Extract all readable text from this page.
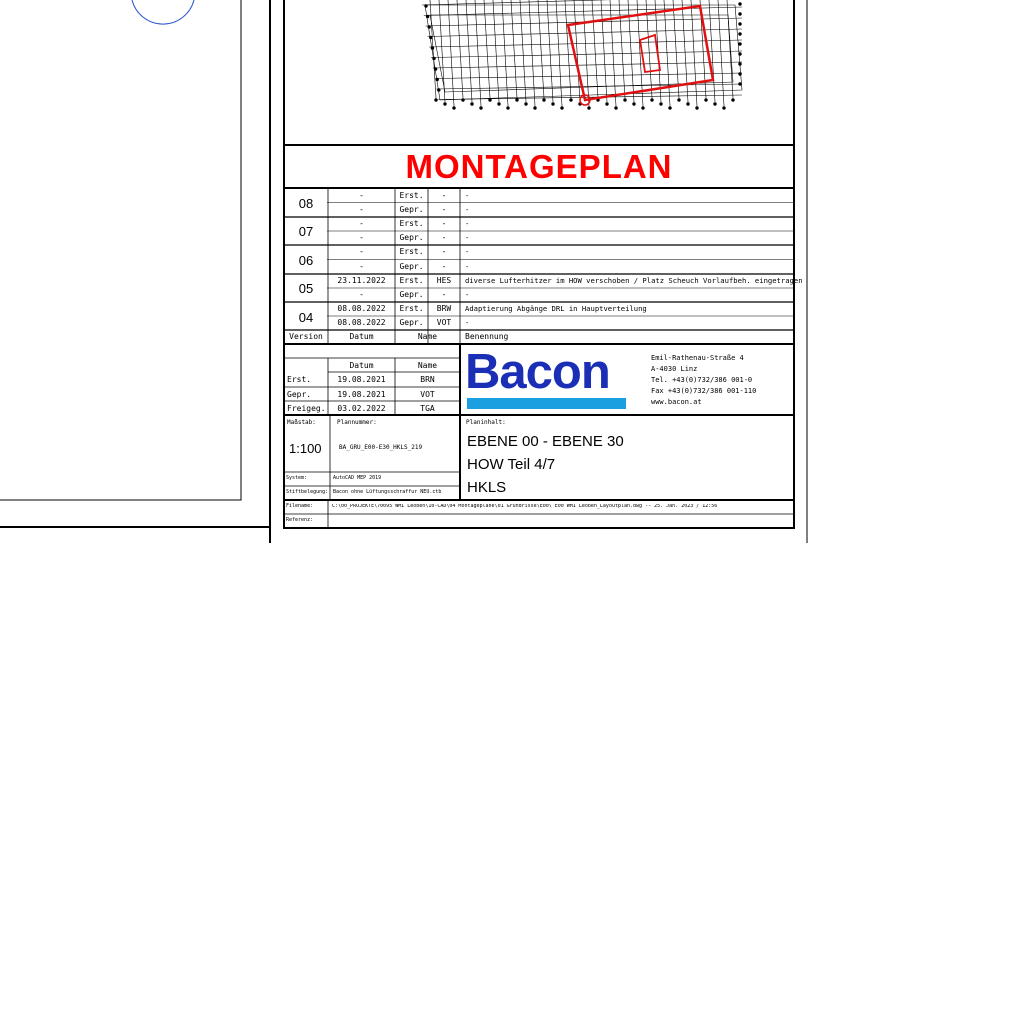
MONTAGEPLAN
08
-	Erst.	-	-
-	Gepr.	-	-
07
-	Erst.	-	-
-	Gepr.	-	-
06
-	Erst.	-	-
-	Gepr.	-	-
05
23.11.2022	Erst.	HES	diverse Lufterhitzer im HOW verschoben / Platz Scheuch Vorlaufbeh. eingetragen
-	Gepr.	-	-
04
08.08.2022	Erst.	BRW	Adaptierung Abgänge DRL in Hauptverteilung
08.08.2022	Gepr.	VOT	-
Version	Datum	Name	Benennung
Datum	Name
Erst.	19.08.2021	BRN
Gepr.	19.08.2021	VOT
Freigeg.	03.02.2022	TGA
Bacon	Emil-Rathenau-Straße 4
A-4030 Linz
Tel. +43(0)732/386 001-0
Fax +43(0)732/386 001-110
www.bacon.at
Maßstab:
1:100
Plannummer:
BA_GRU_E00-E30_HKLS_219
Planinhalt:
EBENE 00 - EBENE 30
HOW Teil 4/7
HKLS
System:	AutoCAD MEP 2019
Stiftbelegung: Bacon ohne Lüftungsschraffur NEU.ctb
Filename:	C:\00_PROJEKTE\70095 WMI Leoben\10-CAD\04 Montagepläne\01 Grundrisse\E00\ E00 WMI Leoben_Layoutplan.dwg -- 25. Jan. 2023 / 12:56
Referenz:
